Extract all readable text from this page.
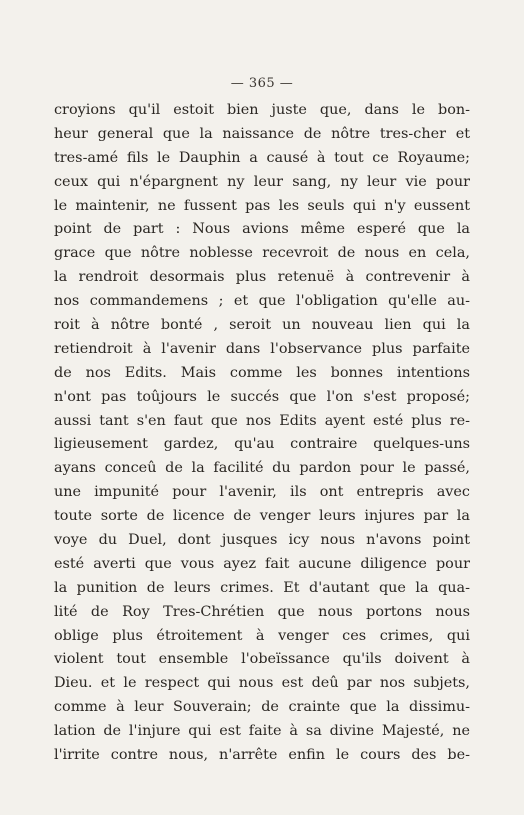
— 365 —
croyions qu'il estoit bien juste que, dans le bon-
heur general que la naissance de nôtre tres-cher et
tres-amé fils le Dauphin a causé à tout ce Royaume;
ceux qui n'épargnent ny leur sang, ny leur vie pour
le maintenir, ne fussent pas les seuls qui n'y eussent
point de part : Nous avions même esperé que la
grace que nôtre noblesse recevroit de nous en cela,
la rendroit desormais plus retenuë à contrevenir à
nos commandemens ; et que l'obligation qu'elle au-
roit à nôtre bonté , seroit un nouveau lien qui la
retiendroit à l'avenir dans l'observance plus parfaite
de nos Edits. Mais comme les bonnes intentions
n'ont pas toûjours le succés que l'on s'est proposé;
aussi tant s'en faut que nos Edits ayent esté plus re-
ligieusement gardez, qu'au contraire quelques-uns
ayans conceû de la facilité du pardon pour le passé,
une impunité pour l'avenir, ils ont entrepris avec
toute sorte de licence de venger leurs injures par la
voye du Duel, dont jusques icy nous n'avons point
esté averti que vous ayez fait aucune diligence pour
la punition de leurs crimes. Et d'autant que la qua-
lité de Roy Tres-Chrétien que nous portons nous
oblige plus étroitement à venger ces crimes, qui
violent tout ensemble l'obeïssance qu'ils doivent à
Dieu. et le respect qui nous est deû par nos subjets,
comme à leur Souverain; de crainte que la dissimu-
lation de l'injure qui est faite à sa divine Majesté, ne
l'irrite contre nous, n'arrête enfin le cours des be-
